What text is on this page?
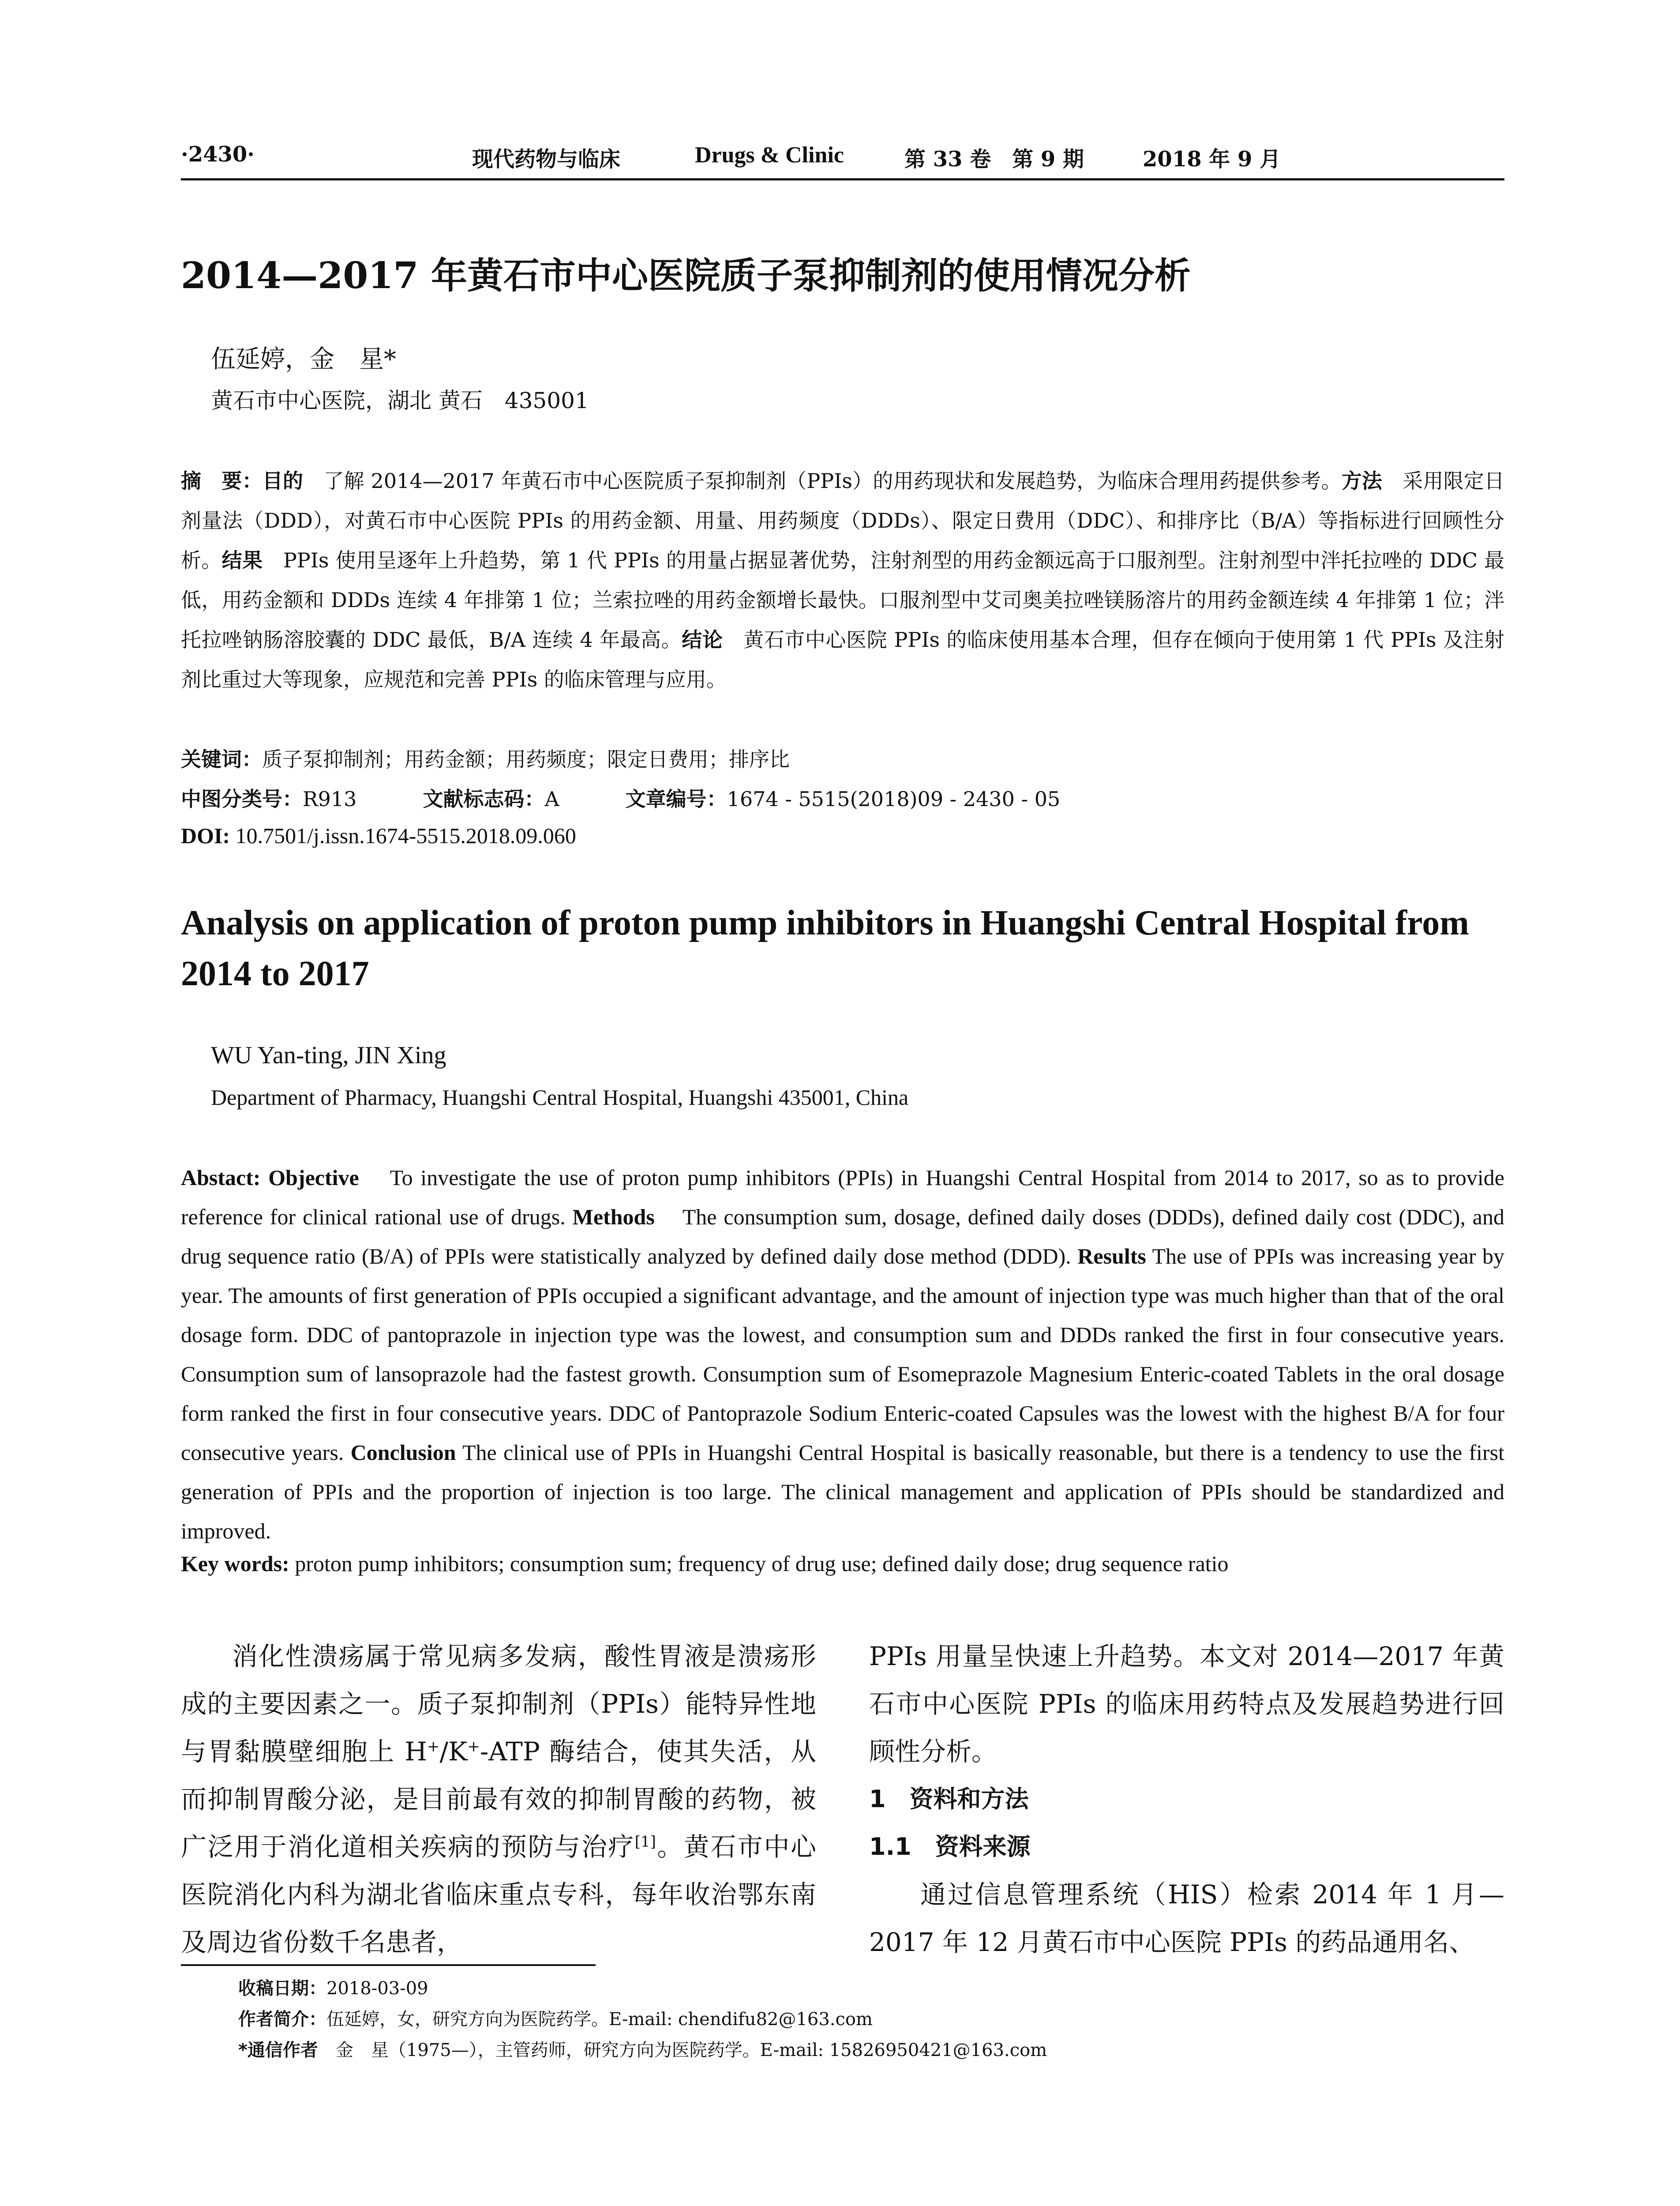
·2430·	现代药物与临床	Drugs & Clinic	第 33 卷　第 9 期	2018 年 9 月
2014—2017 年黄石市中心医院质子泵抑制剂的使用情况分析
伍延婷，金　星*
黄石市中心医院，湖北 黄石　435001
摘　要：目的　 了解 2014—2017 年黄石市中心医院质子泵抑制剂（PPIs）的用药现状和发展趋势，为临床合理用药提供参考。方法　 采用限定日剂量法（DDD），对黄石市中心医院 PPIs 的用药金额、用量、用药频度（DDDs）、限定日费用（DDC）、和排序比（B/A）等指标进行回顾性分析。结果　 PPIs 使用呈逐年上升趋势，第 1 代 PPIs 的用量占据显著优势，注射剂型的用药金额远高于口服剂型。注射剂型中泮托拉唑的 DDC 最低，用药金额和 DDDs 连续 4 年排第 1 位；兰索拉唑的用药金额增长最快。口服剂型中艾司奥美拉唑镁肠溶片的用药金额连续 4 年排第 1 位；泮托拉唑钠肠溶胶囊的 DDC 最低，B/A 连续 4 年最高。结论　 黄石市中心医院 PPIs 的临床使用基本合理，但存在倾向于使用第 1 代 PPIs 及注射剂比重过大等现象，应规范和完善 PPIs 的临床管理与应用。
关键词：质子泵抑制剂；用药金额；用药频度；限定日费用；排序比
中图分类号：R913	文献标志码：A	文章编号：1674 - 5515(2018)09 - 2430 - 05
DOI: 10.7501/j.issn.1674-5515.2018.09.060
Analysis on application of proton pump inhibitors in Huangshi Central Hospital from 2014 to 2017
WU Yan-ting, JIN Xing
Department of Pharmacy, Huangshi Central Hospital, Huangshi 435001, China
Abstact: Objective To investigate the use of proton pump inhibitors (PPIs) in Huangshi Central Hospital from 2014 to 2017, so as to provide reference for clinical rational use of drugs. Methods The consumption sum, dosage, defined daily doses (DDDs), defined daily cost (DDC), and drug sequence ratio (B/A) of PPIs were statistically analyzed by defined daily dose method (DDD). Results The use of PPIs was increasing year by year. The amounts of first generation of PPIs occupied a significant advantage, and the amount of injection type was much higher than that of the oral dosage form. DDC of pantoprazole in injection type was the lowest, and consumption sum and DDDs ranked the first in four consecutive years. Consumption sum of lansoprazole had the fastest growth. Consumption sum of Esomeprazole Magnesium Enteric-coated Tablets in the oral dosage form ranked the first in four consecutive years. DDC of Pantoprazole Sodium Enteric-coated Capsules was the lowest with the highest B/A for four consecutive years. Conclusion The clinical use of PPIs in Huangshi Central Hospital is basically reasonable, but there is a tendency to use the first generation of PPIs and the proportion of injection is too large. The clinical management and application of PPIs should be standardized and improved.
Key words: proton pump inhibitors; consumption sum; frequency of drug use; defined daily dose; drug sequence ratio

消化性溃疡属于常见病多发病，酸性胃液是溃疡形成的主要因素之一。质子泵抑制剂（PPIs）能特异性地与胃黏膜壁细胞上 H+/K+-ATP 酶结合，使其失活，从而抑制胃酸分泌，是目前最有效的抑制胃酸的药物，被广泛用于消化道相关疾病的预防与治疗[1]。黄石市中心医院消化内科为湖北省临床重点专科，每年收治鄂东南及周边省份数千名患者，

PPIs 用量呈快速上升趋势。本文对 2014—2017 年黄石市中心医院 PPIs 的临床用药特点及发展趋势进行回顾性分析。

1　资料和方法

1.1　资料来源

通过信息管理系统（HIS）检索 2014 年 1 月—2017 年 12 月黄石市中心医院 PPIs 的药品通用名、

收稿日期：2018-03-09
作者简介：伍延婷，女，研究方向为医院药学。E-mail: chendifu82@163.com
*通信作者　金　星（1975—），主管药师，研究方向为医院药学。E-mail: 15826950421@163.com
